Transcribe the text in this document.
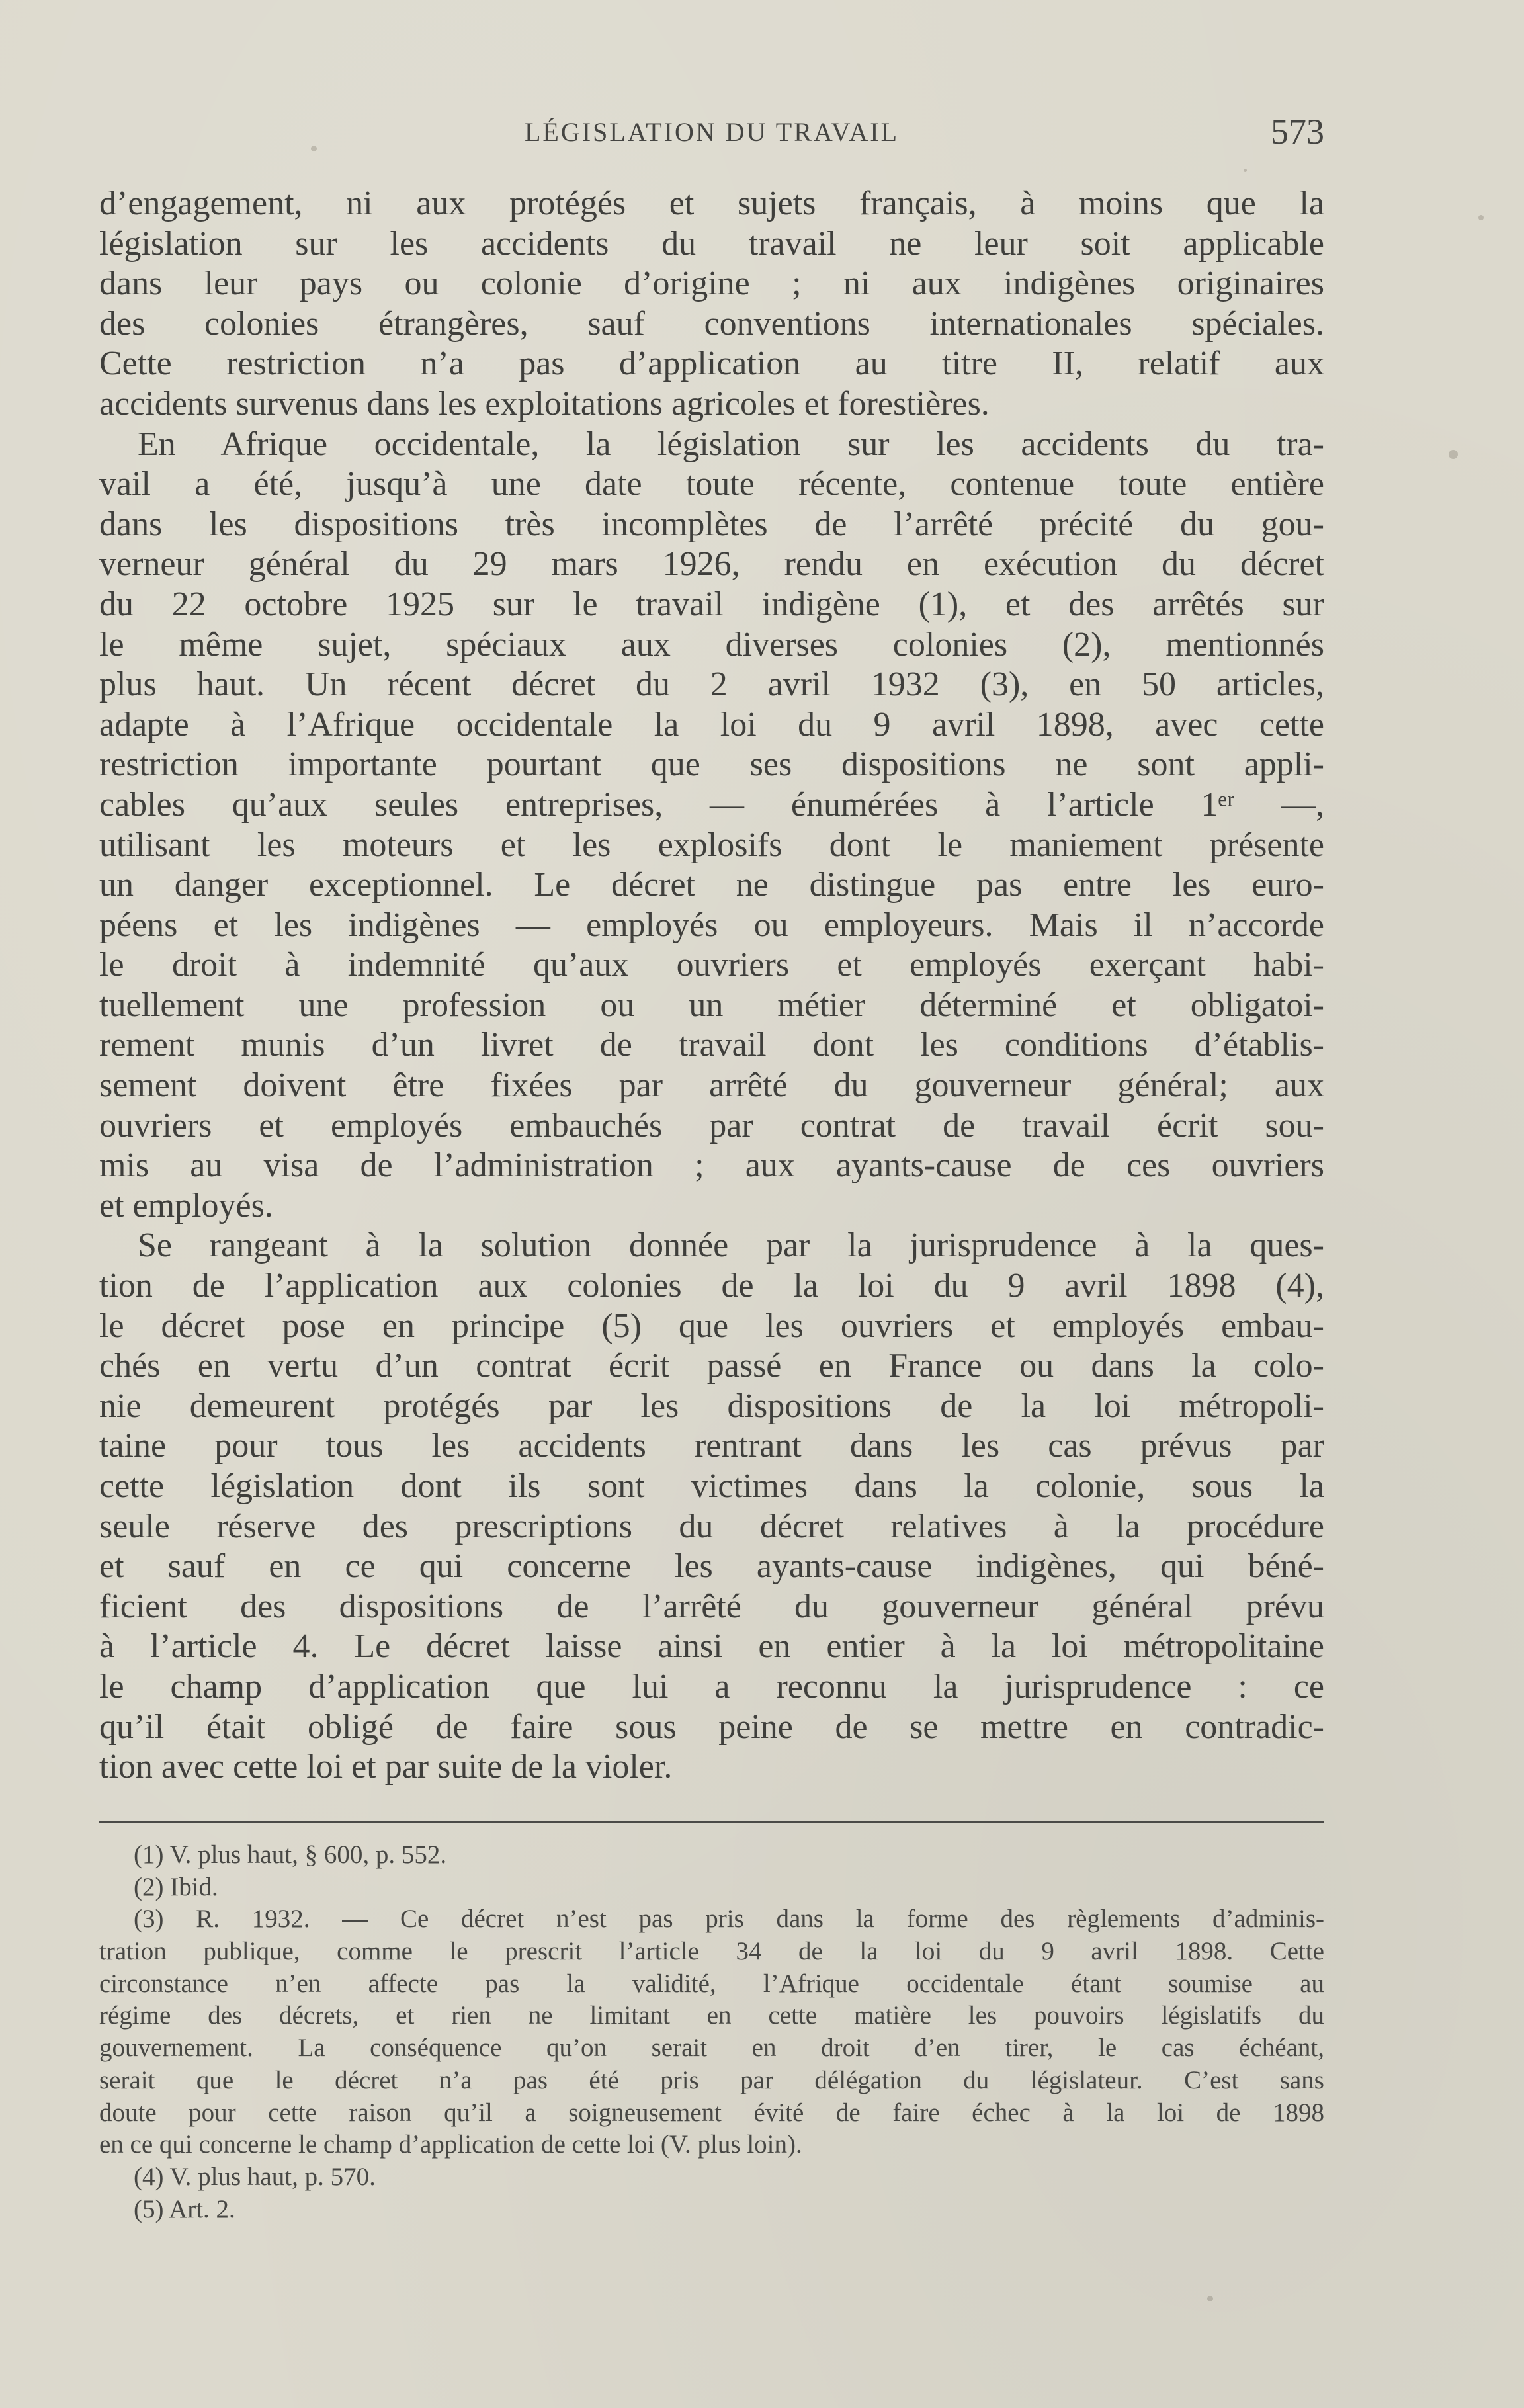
LÉGISLATION DU TRAVAIL	573
d’engagement, ni aux protégés et sujets français, à moins que la
législation sur les accidents du travail ne leur soit applicable
dans leur pays ou colonie d’origine ; ni aux indigènes originaires
des colonies étrangères, sauf conventions internationales spéciales.
Cette restriction n’a pas d’application au titre II, relatif aux
accidents survenus dans les exploitations agricoles et forestières.
En Afrique occidentale, la législation sur les accidents du tra-
vail a été, jusqu’à une date toute récente, contenue toute entière
dans les dispositions très incomplètes de l’arrêté précité du gou-
verneur général du 29 mars 1926, rendu en exécution du décret
du 22 octobre 1925 sur le travail indigène (1), et des arrêtés sur
le même sujet, spéciaux aux diverses colonies (2), mentionnés
plus haut. Un récent décret du 2 avril 1932 (3), en 50 articles,
adapte à l’Afrique occidentale la loi du 9 avril 1898, avec cette
restriction importante pourtant que ses dispositions ne sont appli-
cables qu’aux seules entreprises, — énumérées à l’article 1ᵉʳ —,
utilisant les moteurs et les explosifs dont le maniement présente
un danger exceptionnel. Le décret ne distingue pas entre les euro-
péens et les indigènes — employés ou employeurs. Mais il n’accorde
le droit à indemnité qu’aux ouvriers et employés exerçant habi-
tuellement une profession ou un métier déterminé et obligatoi-
rement munis d’un livret de travail dont les conditions d’établis-
sement doivent être fixées par arrêté du gouverneur général; aux
ouvriers et employés embauchés par contrat de travail écrit sou-
mis au visa de l’administration ; aux ayants-cause de ces ouvriers
et employés.
Se rangeant à la solution donnée par la jurisprudence à la ques-
tion de l’application aux colonies de la loi du 9 avril 1898 (4),
le décret pose en principe (5) que les ouvriers et employés embau-
chés en vertu d’un contrat écrit passé en France ou dans la colo-
nie demeurent protégés par les dispositions de la loi métropoli-
taine pour tous les accidents rentrant dans les cas prévus par
cette législation dont ils sont victimes dans la colonie, sous la
seule réserve des prescriptions du décret relatives à la procédure
et sauf en ce qui concerne les ayants-cause indigènes, qui béné-
ficient des dispositions de l’arrêté du gouverneur général prévu
à l’article 4. Le décret laisse ainsi en entier à la loi métropolitaine
le champ d’application que lui a reconnu la jurisprudence : ce
qu’il était obligé de faire sous peine de se mettre en contradic-
tion avec cette loi et par suite de la violer.
(1) V. plus haut, § 600, p. 552.
(2) Ibid.
(3) R. 1932. — Ce décret n’est pas pris dans la forme des règlements d’adminis-
tration publique, comme le prescrit l’article 34 de la loi du 9 avril 1898. Cette
circonstance n’en affecte pas la validité, l’Afrique occidentale étant soumise au
régime des décrets, et rien ne limitant en cette matière les pouvoirs législatifs du
gouvernement. La conséquence qu’on serait en droit d’en tirer, le cas échéant,
serait que le décret n’a pas été pris par délégation du législateur. C’est sans
doute pour cette raison qu’il a soigneusement évité de faire échec à la loi de 1898
en ce qui concerne le champ d’application de cette loi (V. plus loin).
(4) V. plus haut, p. 570.
(5) Art. 2.
